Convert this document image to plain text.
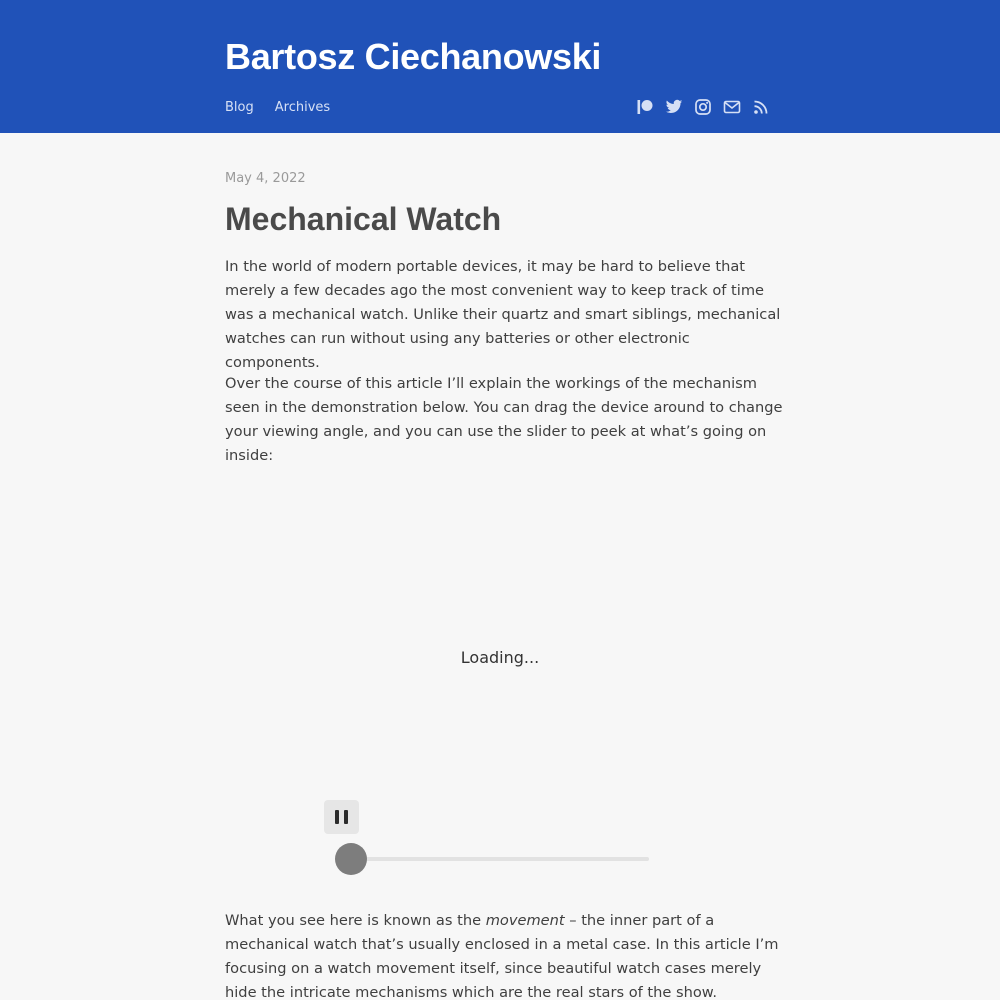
Bartosz Ciechanowski
Blog Archives
May 4, 2022
Mechanical Watch

In the world of modern portable devices, it may be hard to believe that merely a few decades ago the most convenient way to keep track of time was a mechanical watch. Unlike their quartz and smart siblings, mechanical watches can run without using any batteries or other electronic components.

Over the course of this article I’ll explain the workings of the mechanism seen in the demonstration below. You can drag the device around to change your viewing angle, and you can use the slider to peek at what’s going on inside:

Loading...

What you see here is known as the movement – the inner part of a mechanical watch that’s usually enclosed in a metal case. In this article I’m focusing on a watch movement itself, since beautiful watch cases merely hide the intricate mechanisms which are the real stars of the show.
